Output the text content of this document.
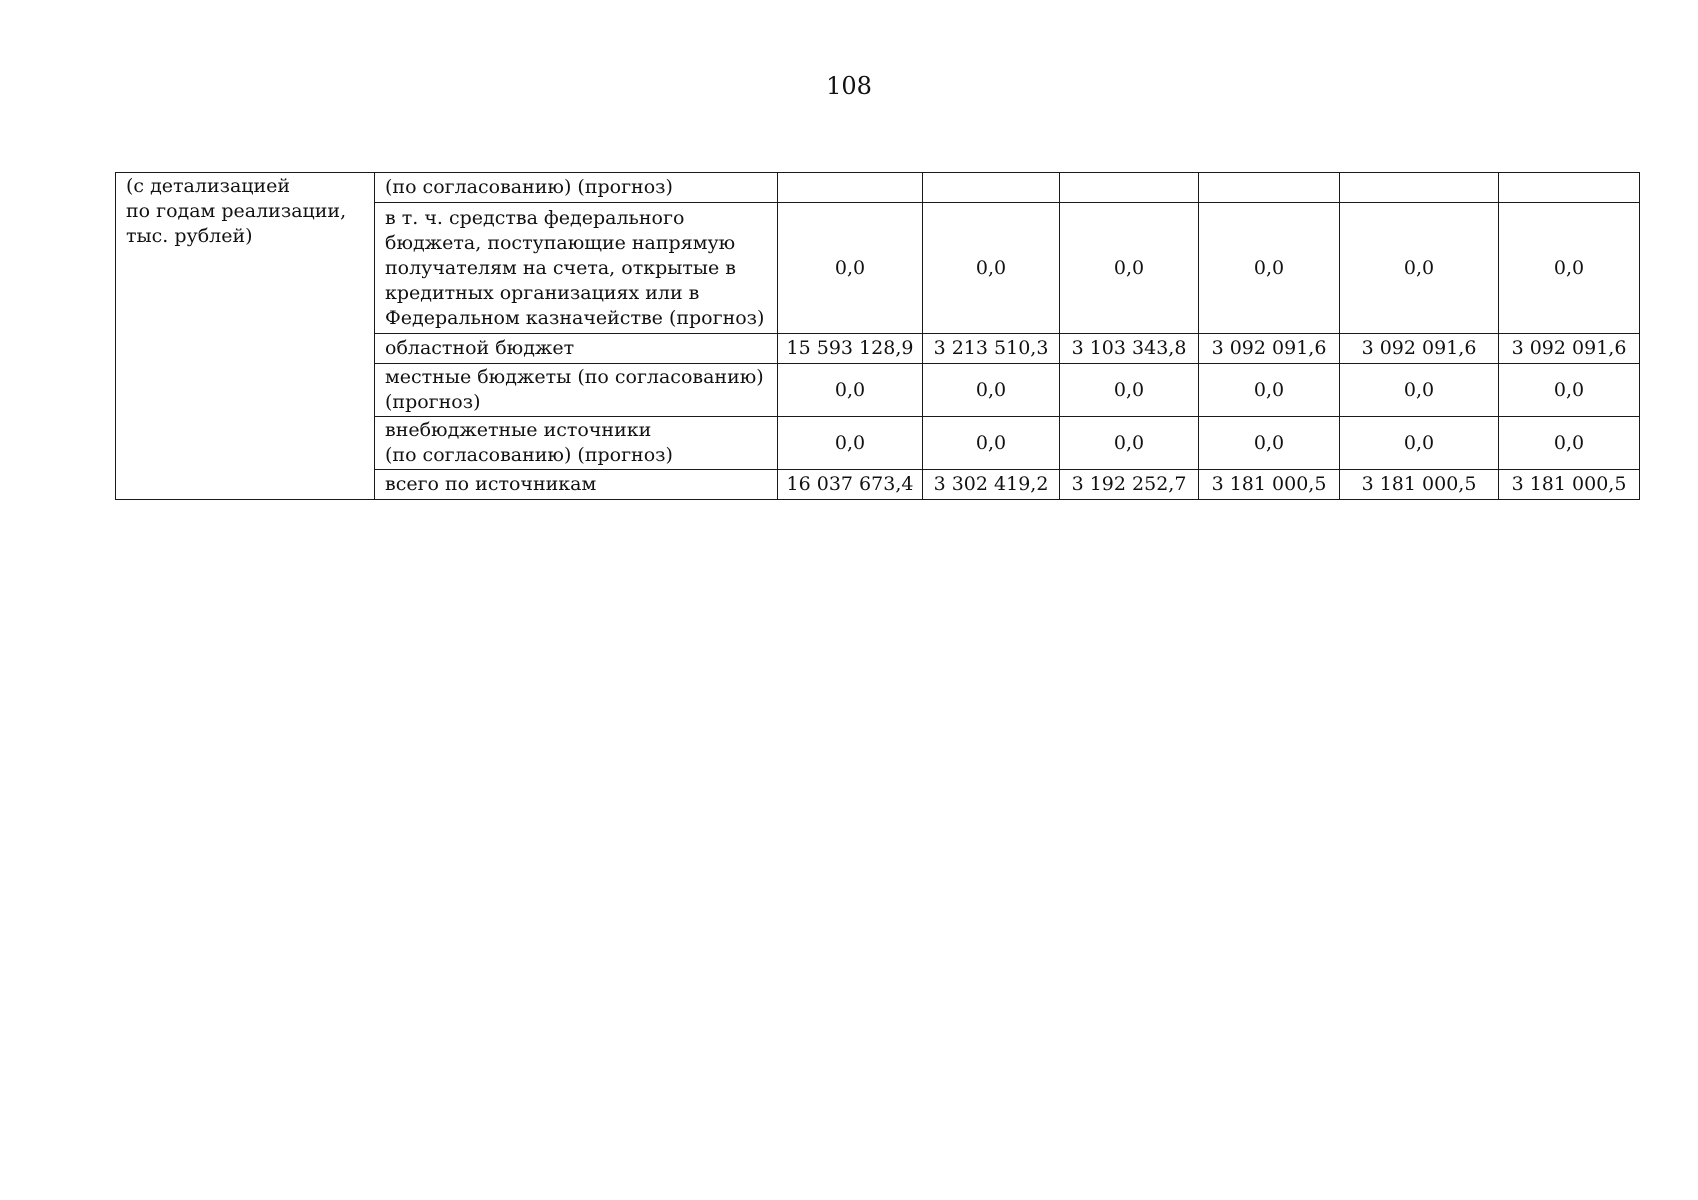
108
(с детализацией
по годам реализации,
тыс. рублей)	(по согласованию) (прогноз)						
	в т. ч. средства федерального бюджета, поступающие напрямую получателям на счета, открытые в кредитных организациях или в Федеральном казначействе (прогноз)	0,0	0,0	0,0	0,0	0,0	0,0
	областной бюджет	15 593 128,9	3 213 510,3	3 103 343,8	3 092 091,6	3 092 091,6	3 092 091,6
	местные бюджеты (по согласованию) (прогноз)	0,0	0,0	0,0	0,0	0,0	0,0
	внебюджетные источники
(по согласованию) (прогноз)	0,0	0,0	0,0	0,0	0,0	0,0
	всего по источникам	16 037 673,4	3 302 419,2	3 192 252,7	3 181 000,5	3 181 000,5	3 181 000,5
